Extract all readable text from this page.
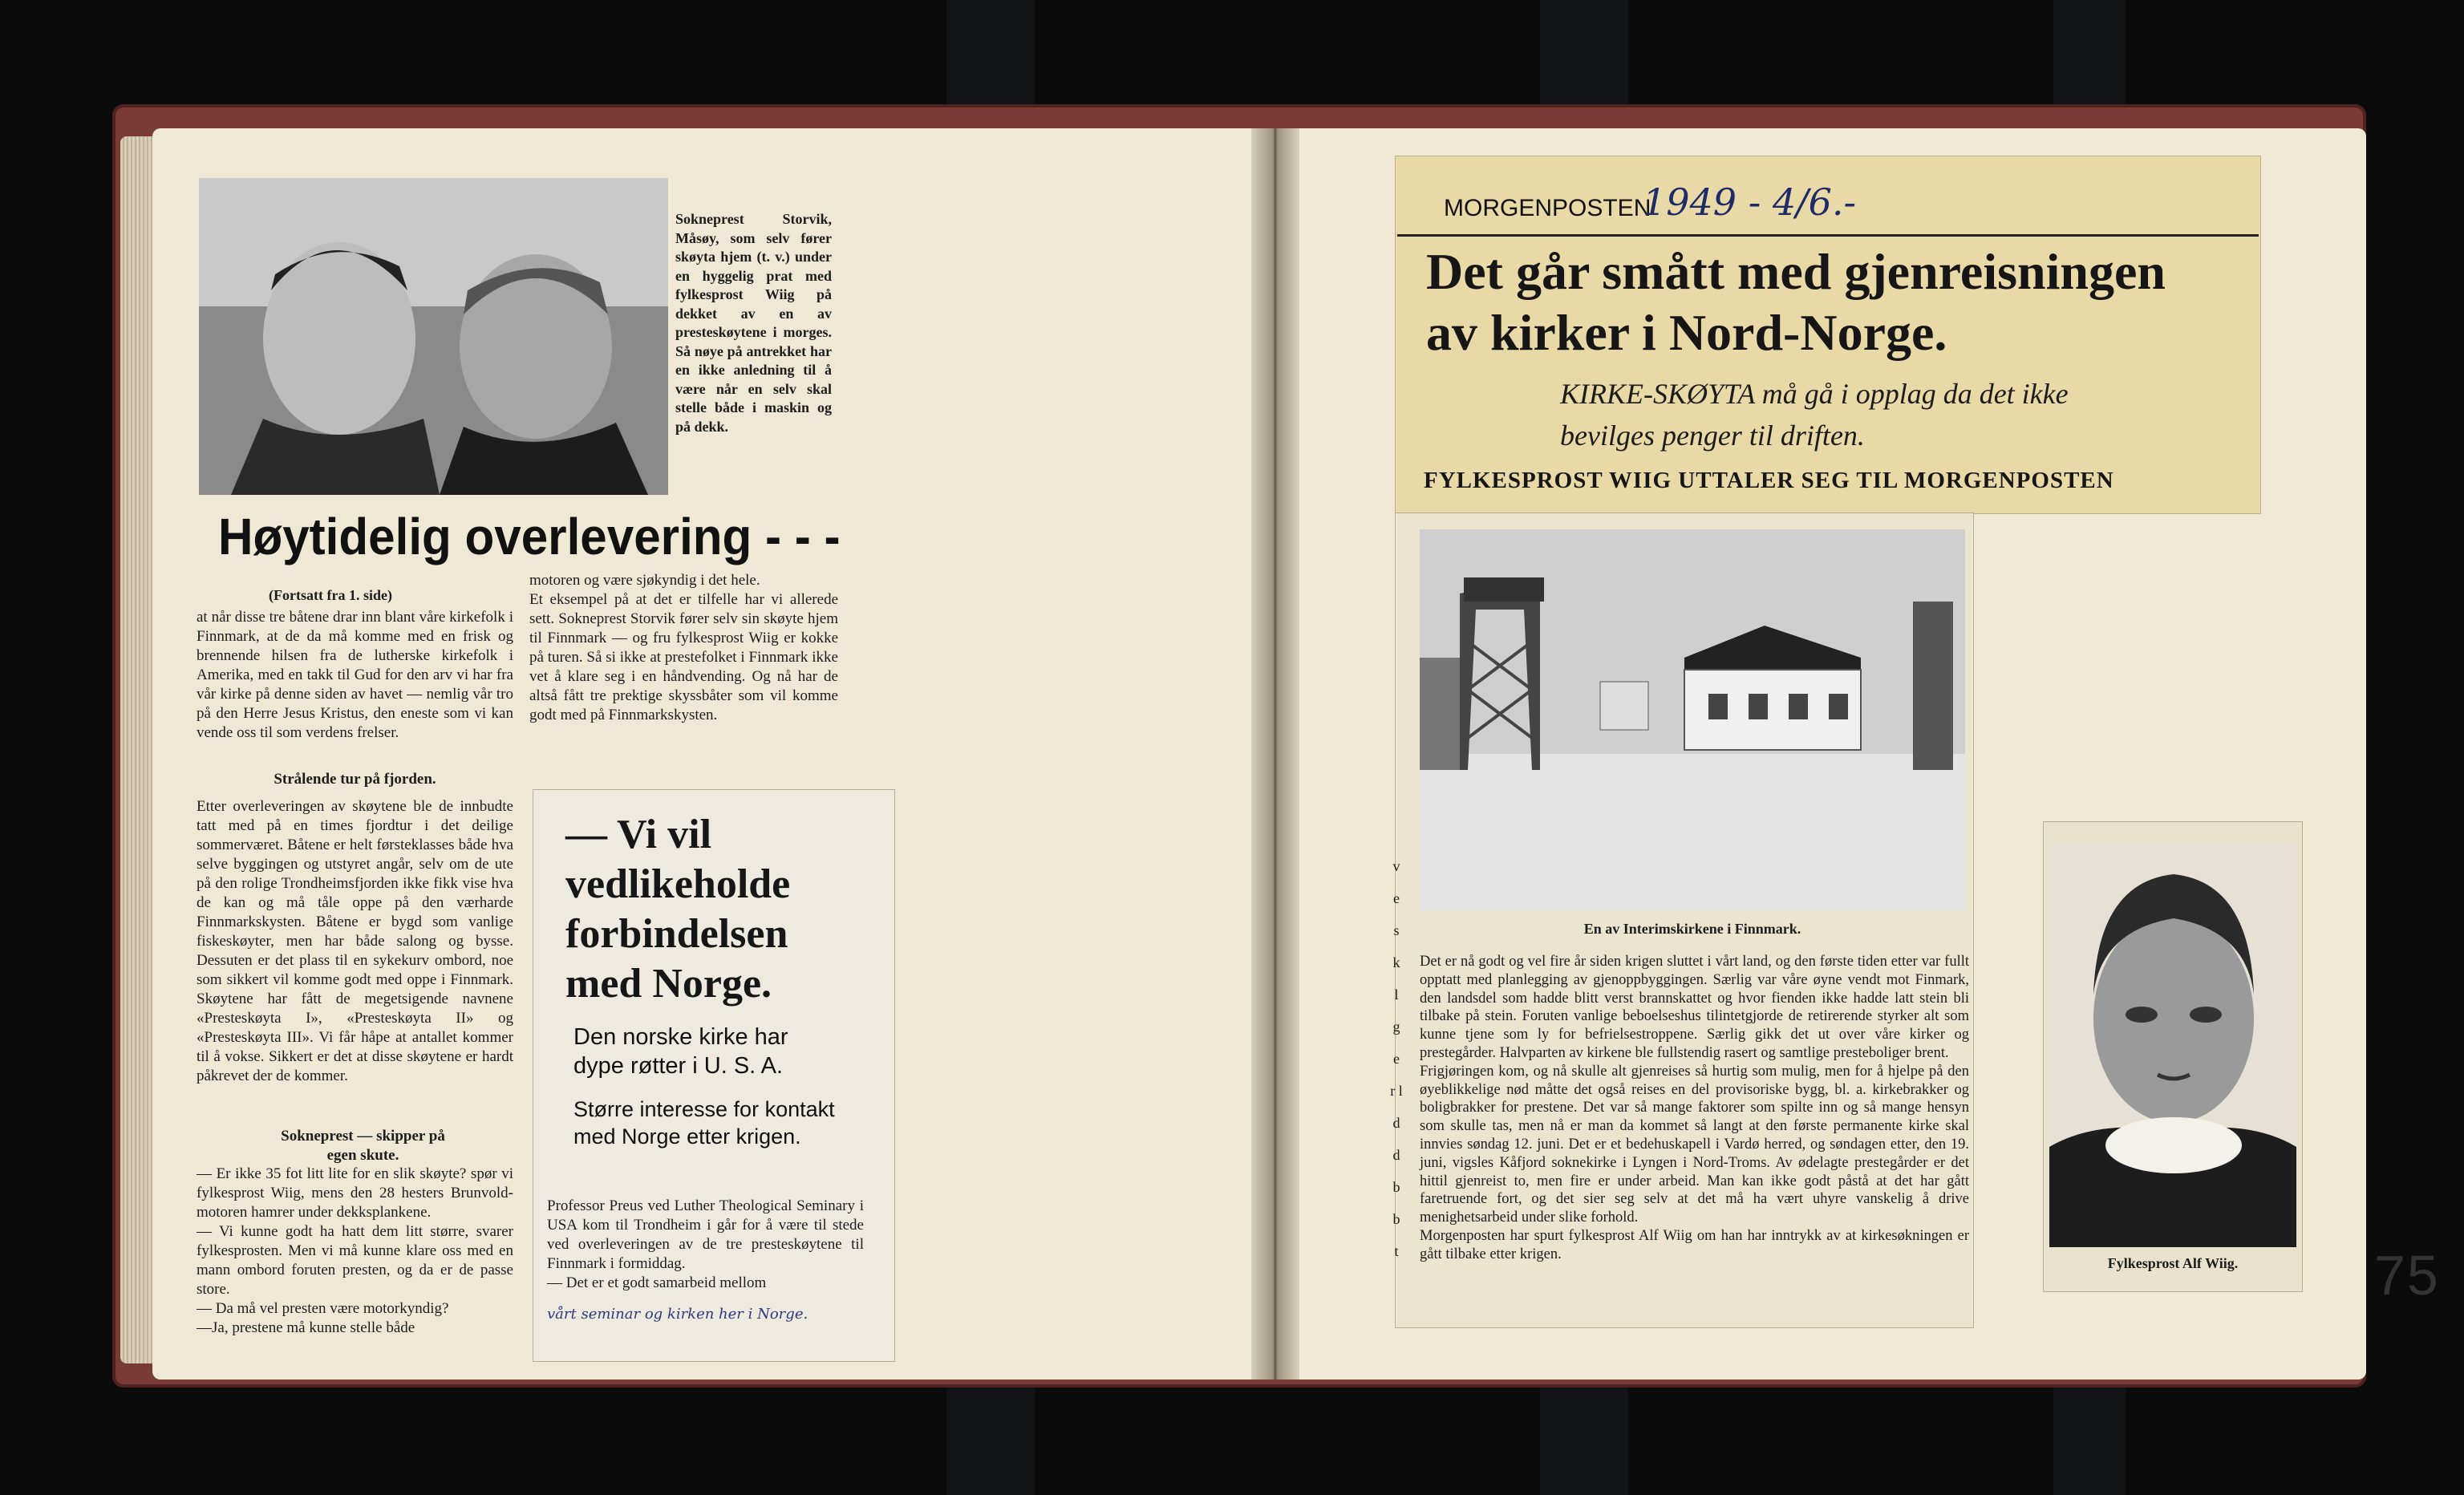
Sokneprest Storvik, Måsøy, som selv fører skøyta hjem (t. v.) under en hyggelig prat med fylkesprost Wiig på dekket av en av presteskøytene i morges. Så nøye på antrekket har en ikke anledning til å være når en selv skal stelle både i maskin og på dekk.
Høytidelig overlevering - - -
(Fortsatt fra 1. side)
at når disse tre båtene drar inn blant våre kirkefolk i Finnmark, at de da må komme med en frisk og brennende hilsen fra de lutherske kirkefolk i Amerika, med en takk til Gud for den arv vi har fra vår kirke på denne siden av havet — nemlig vår tro på den Herre Jesus Kristus, den eneste som vi kan vende oss til som verdens frelser.
Strålende tur på fjorden.
Etter overleveringen av skøytene ble de innbudte tatt med på en times fjordtur i det deilige sommerværet. Båtene er helt førsteklasses både hva selve byggingen og utstyret angår, selv om de ute på den rolige Trondheimsfjorden ikke fikk vise hva de kan og må tåle oppe på den værharde Finnmarkskysten. Båtene er bygd som vanlige fiskeskøyter, men har både salong og bysse. Dessuten er det plass til en sykekurv ombord, noe som sikkert vil komme godt med oppe i Finnmark. Skøytene har fått de megetsigende navnene «Presteskøyta I», «Presteskøyta II» og «Presteskøyta III». Vi får håpe at antallet kommer til å vokse. Sikkert er det at disse skøytene er hardt påkrevet der de kommer.
Sokneprest — skipper på egen skute.
— Er ikke 35 fot litt lite for en slik skøyte? spør vi fylkesprost Wiig, mens den 28 hesters Brunvold-motoren hamrer under dekksplankene.
— Vi kunne godt ha hatt dem litt større, svarer fylkesprosten. Men vi må kunne klare oss med en mann ombord foruten presten, og da er de passe store.
— Da må vel presten være motorkyndig?
—Ja, prestene må kunne stelle både
motoren og være sjøkyndig i det hele.
Et eksempel på at det er tilfelle har vi allerede sett. Sokneprest Storvik fører selv sin skøyte hjem til Finnmark — og fru fylkesprost Wiig er kokke på turen. Så si ikke at prestefolket i Finnmark ikke vet å klare seg i en håndvending. Og nå har de altså fått tre prektige skyssbåter som vil komme godt med på Finnmarkskysten.
— Vi vil vedlikeholde forbindelsen med Norge.
Den norske kirke har dype røtter i U. S. A.
Større interesse for kontakt med Norge etter krigen.
Professor Preus ved Luther Theological Seminary i USA kom til Trondheim i går for å være til stede ved overleveringen av de tre presteskøytene til Finnmark i formiddag.
— Det er et godt samarbeid mellom
vårt seminar og kirken her i Norge.
MORGENPOSTEN
1949 - 4/6.-
Det går smått med gjenreisningen
av kirker i Nord-Norge.
KIRKE-SKØYTA må gå i opplag da det ikke
bevilges penger til driften.
FYLKESPROST WIIG UTTALER SEG TIL MORGENPOSTEN
En av Interimskirkene i Finnmark.
Det er nå godt og vel fire år siden krigen sluttet i vårt land, og den første tiden etter var fullt opptatt med planlegging av gjenoppbyggingen. Særlig var våre øyne vendt mot Finmark, den landsdel som hadde blitt verst brannskattet og hvor fienden ikke hadde latt stein bli tilbake på stein. Foruten vanlige beboelseshus tilintetgjorde de retirerende styrker alt som kunne tjene som ly for befrielsestroppene. Særlig gikk det ut over våre kirker og prestegårder. Halvparten av kirkene ble fullstendig rasert og samtlige presteboliger brent.
Frigjøringen kom, og nå skulle alt gjenreises så hurtig som mulig, men for å hjelpe på den øyeblikkelige nød måtte det også reises en del provisoriske bygg, bl. a. kirkebrakker og boligbrakker for prestene. Det var så mange faktorer som spilte inn og så mange hensyn som skulle tas, men nå er man da kommet så langt at den første permanente kirke skal innvies søndag 12. juni. Det er et bedehuskapell i Vardø herred, og søndagen etter, den 19. juni, vigsles Kåfjord soknekirke i Lyngen i Nord-Troms. Av ødelagte prestegårder er det hittil gjenreist to, men fire er under arbeid. Man kan ikke godt påstå at det har gått faretruende fort, og det sier seg selv at det må ha vært uhyre vanskelig å drive menighetsarbeid under slike forhold.
Morgenposten har spurt fylkesprost Alf Wiig om han har inntrykk av at kirkesøkningen er gått tilbake etter krigen.
v e s k l g e r l d d b b t
Fylkesprost Alf Wiig.	75
